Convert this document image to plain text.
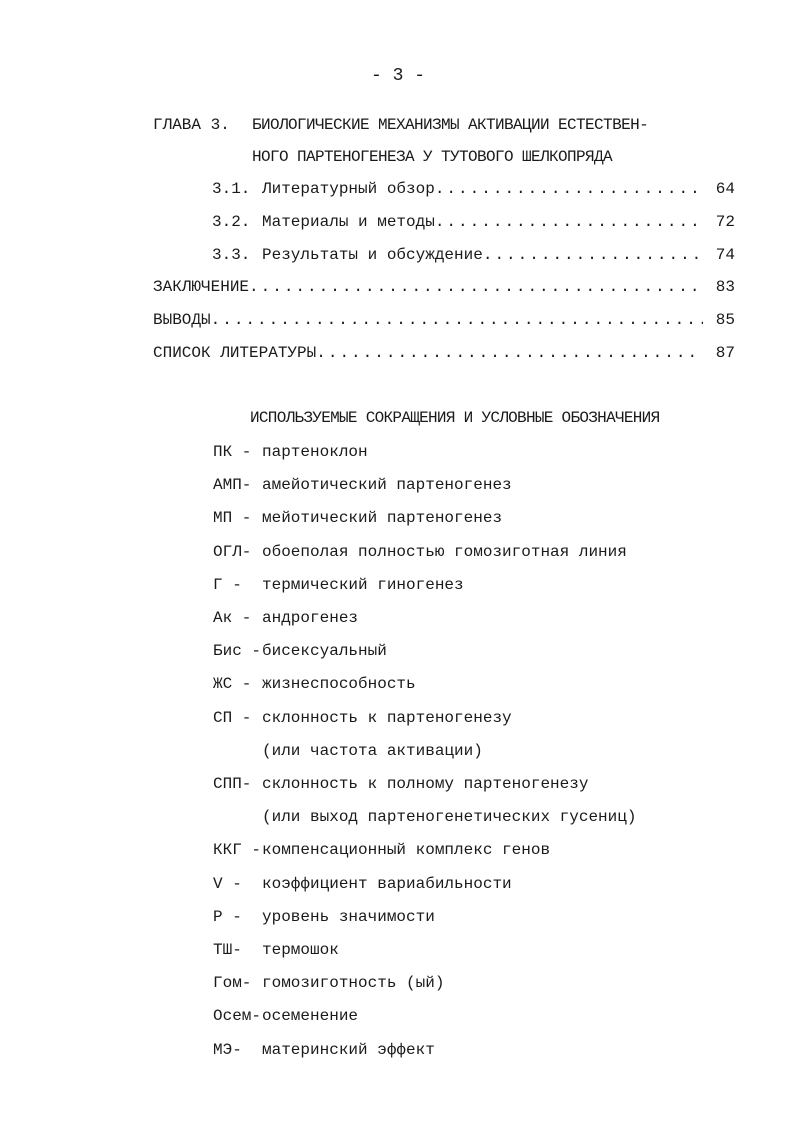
- 3 -
ГЛАВА 3. БИОЛОГИЧЕСКИЕ МЕХАНИЗМЫ АКТИВАЦИИ ЕСТЕСТВЕН-
НОГО ПАРТЕНОГЕНЕЗА У ТУТОВОГО ШЕЛКОПРЯДА
3.1. Литературный обзор .....	64
3.2. Материалы и методы .....	72
3.3. Результаты и обсуждение .....	74
ЗАКЛЮЧЕНИЕ .....	83
ВЫВОДЫ .....	85
СПИСОК ЛИТЕРАТУРЫ .....	87
ИСПОЛЬЗУЕМЫЕ СОКРАЩЕНИЯ И УСЛОВНЫЕ ОБОЗНАЧЕНИЯ
ПК - партеноклон
АМП- амейотический партеногенез
МП - мейотический партеногенез
ОГЛ- обоеполая полностью гомозиготная линия
Г - термический гиногенез
Ак - андрогенез
Бис -бисексуальный
ЖС - жизнеспособность
СП - склонность к партеногенезу
(или частота активации)
СПП- склонность к полному партеногенезу
(или выход партеногенетических гусениц)
ККГ -компенсационный комплекс генов
V - коэффициент вариабильности
Р - уровень значимости
ТШ- термошок
Гом- гомозиготность (ый)
Осем-осеменение
МЭ- материнский эффект
